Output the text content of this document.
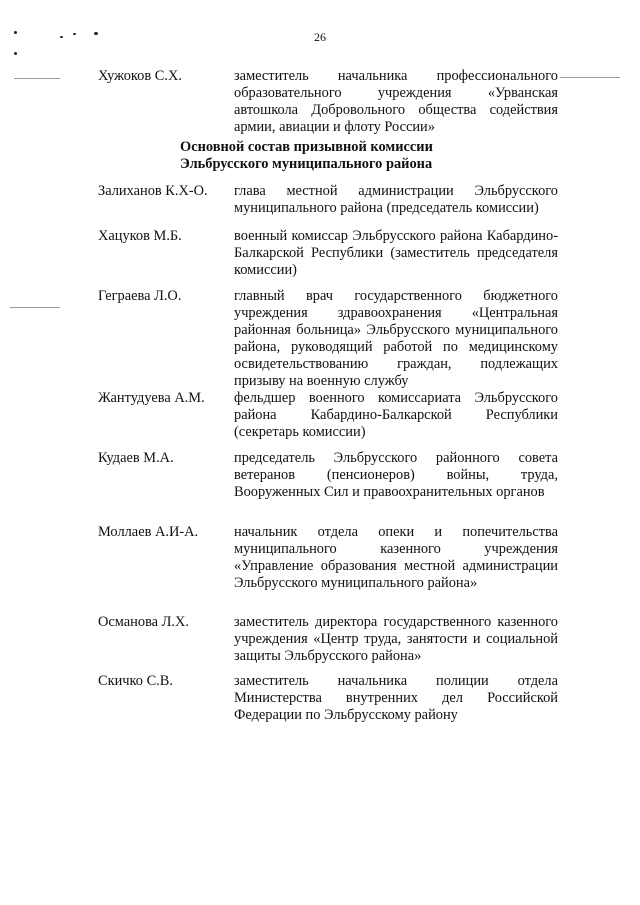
26
Хужоков С.Х.	заместитель начальника профессионального образовательного учреждения «Урванская автошкола Добровольного общества содействия армии, авиации и флоту России»
Основной состав призывной комиссии
Эльбрусского муниципального района
Залиханов К.Х-О.	глава местной администрации Эльбрусского муниципального района (председатель комиссии)
Хацуков М.Б.	военный комиссар Эльбрусского района Кабардино-Балкарской Республики (заместитель председателя комиссии)
Геграева Л.О.	главный врач государственного бюджетного учреждения здравоохранения «Центральная районная больница» Эльбрусского муниципального района, руководящий работой по медицинскому освидетельствованию граждан, подлежащих призыву на военную службу
Жантудуева А.М.	фельдшер военного комиссариата Эльбрусского района Кабардино-Балкарской Республики (секретарь комиссии)
Кудаев М.А.	председатель Эльбрусского районного совета ветеранов (пенсионеров) войны, труда, Вооруженных Сил и правоохранительных органов
Моллаев А.И-А.	начальник отдела опеки и попечительства муниципального казенного учреждения «Управление образования местной администрации Эльбрусского муниципального района»
Османова Л.Х.	заместитель директора государственного казенного учреждения «Центр труда, занятости и социальной защиты Эльбрусского района»
Скичко С.В.	заместитель начальника полиции отдела Министерства внутренних дел Российской Федерации по Эльбрусскому району
